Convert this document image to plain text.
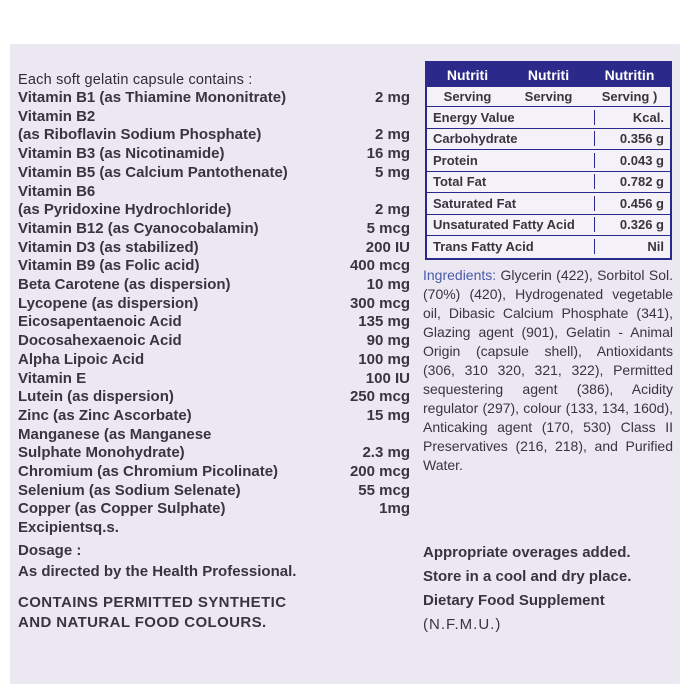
Each soft gelatin capsule contains :
Vitamin B1 (as Thiamine Mononitrate)	2 mg
Vitamin B2
(as Riboflavin Sodium Phosphate)	2 mg
Vitamin B3 (as Nicotinamide)	16 mg
Vitamin B5 (as Calcium Pantothenate)	5 mg
Vitamin B6
(as Pyridoxine Hydrochloride)	2 mg
Vitamin B12 (as Cyanocobalamin)	5 mcg
Vitamin D3 (as stabilized)	200 IU
Vitamin B9 (as Folic acid)	400 mcg
Beta Carotene (as dispersion)	10 mg
Lycopene (as dispersion)	300 mcg
Eicosapentaenoic Acid	135 mg
Docosahexaenoic Acid	90 mg
Alpha Lipoic Acid	100 mg
Vitamin E	100 IU
Lutein (as dispersion)	250 mcg
Zinc (as Zinc Ascorbate)	15 mg
Manganese (as Manganese
Sulphate Monohydrate)	2.3 mg
Chromium (as Chromium Picolinate)	200 mcg
Selenium (as Sodium Selenate)	55 mcg
Copper (as Copper Sulphate)	1mg
Excipientsq.s.
Dosage :
As directed by the Health Professional.
CONTAINS PERMITTED SYNTHETIC
AND NATURAL FOOD COLOURS.
Nutriti	Nutriti	Nutritin
Serving	Serving	Serving )
Energy Value	Kcal.
Carbohydrate	0.356 g
Protein	0.043 g
Total Fat	0.782 g
Saturated Fat	0.456 g
Unsaturated Fatty Acid	0.326 g
Trans Fatty Acid	Nil
Ingredients: Glycerin (422), Sorbitol Sol. (70%) (420), Hydrogenated vegetable oil, Dibasic Calcium Phosphate (341), Glazing agent (901), Gelatin - Animal Origin (capsule shell), Antioxidants (306, 310 320, 321, 322), Permitted sequestering agent (386), Acidity regulator (297), colour (133, 134, 160d), Anticaking agent (170, 530) Class II Preservatives (216, 218), and Purified Water.
Appropriate overages added.
Store in a cool and dry place.
Dietary Food Supplement
(N.F.M.U.)
